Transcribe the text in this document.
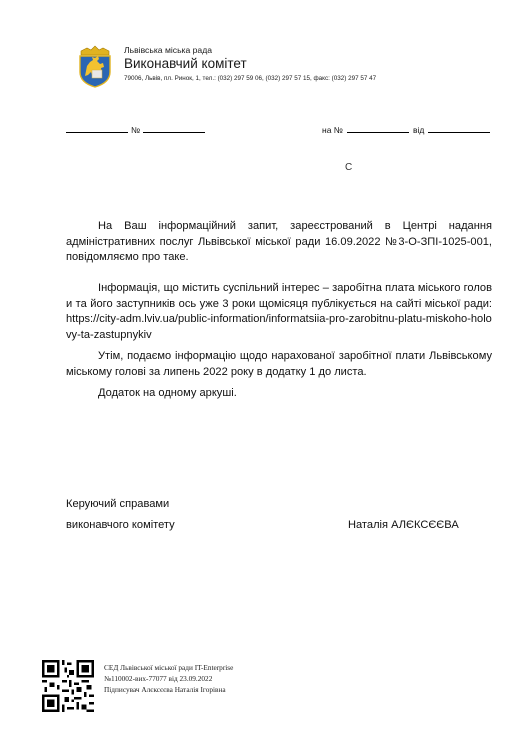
Львівська міська рада
Виконавчий комітет
79006, Львів, пл. Ринок, 1, тел.: (032) 297 59 06, (032) 297 57 15, факс: (032) 297 57 47
№	на №	від
С
На Ваш інформаційний запит, зареєстрований в Центрі надання адміністративних послуг Львівської міської ради 16.09.2022 №3-О-ЗПІ-1025-001, повідомляємо про таке.
Інформація, що містить суспільний інтерес – заробітна плата міського голови та його заступників ось уже 3 роки щомісяця публікується на сайті міської ради: https://city-adm.lviv.ua/public-information/informatsiia-pro-zarobitnu-platu-miskoho-holovy-ta-zastupnykiv
Утім, подаємо інформацію щодо нарахованої заробітної плати Львівському міському голові за липень 2022 року в додатку 1 до листа.
Додаток на одному аркуші.
Керуючий справами
виконавчого комітету	Наталія АЛЄКСЄЄВА
СЕД Львівської міської ради IT-Enterprise
№110002-вих-77077 від 23.09.2022
Підписувач Алєксєєва Наталія Ігорівна
